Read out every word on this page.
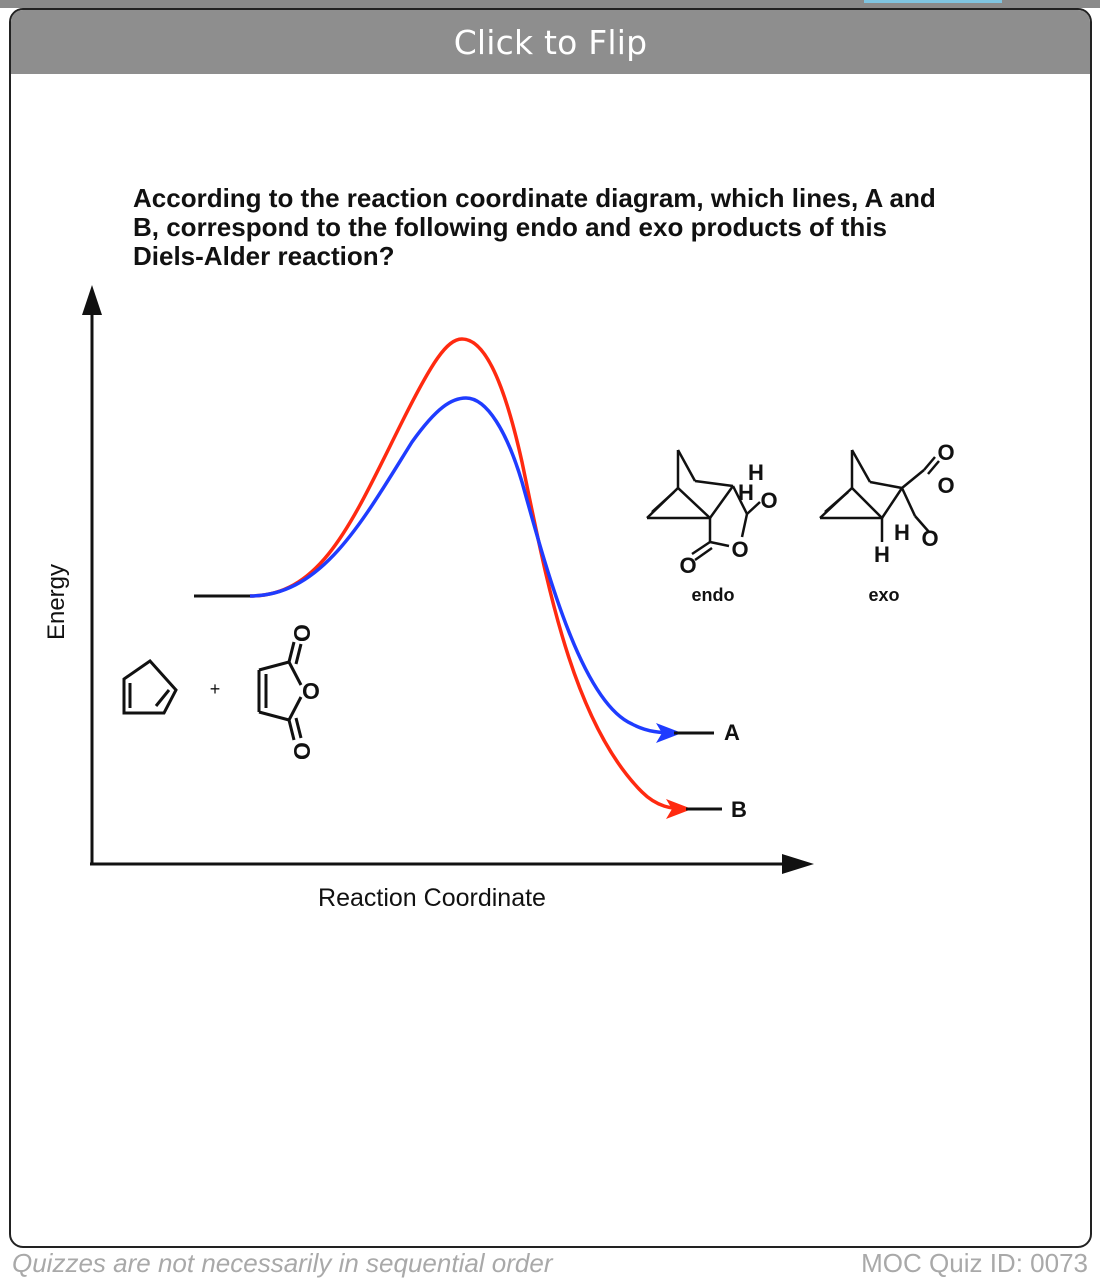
Click to Flip
According to the reaction coordinate diagram, which lines, A and B, correspond to the following endo and exo products of this Diels-Alder reaction?
Energy
Reaction Coordinate
A
B
+
O
O
O
H
H O
O
O
endo
O
O
H O
H
exo
Quizzes are not necessarily in sequential order	MOC Quiz ID: 0073
